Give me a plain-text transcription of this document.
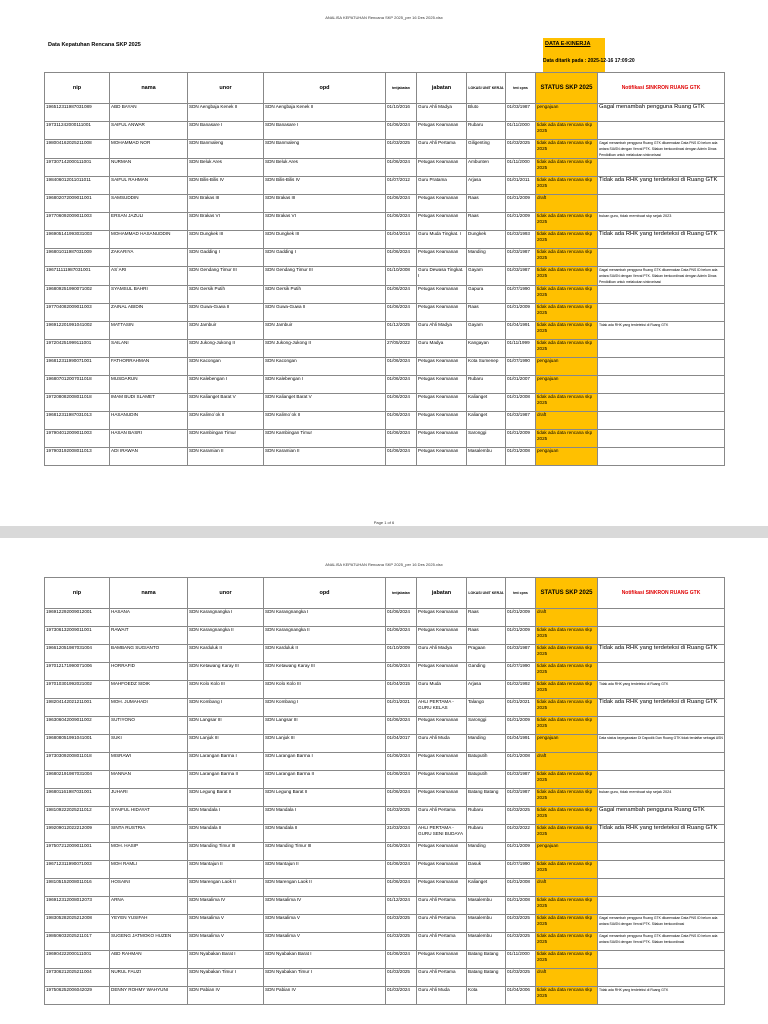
ANALISA KEPATUHAN Rencana SKP 2025_per 16 Des 2025.xlsx
Data Kepatuhan Rencana SKP 2025	DATA E-KINERJA
Data ditarik pada : 2025-12-16 17:09:20
nip	nama	unor	opd	tmtjabatan	jabatan	LOKASI UNIT KERJA	tmt cpns	STATUS SKP 2025	Notifikasi SINKRON RUANG GTK
196512311987031089	ABD BAYAN	SDN Aengbaja Kenek II	SDN Aengbaja Kenek II	01/10/2016	Guru Ahli Madya	Bluto	01/03/1987	pengajuan	Gagal menambah pengguna Ruang GTK
197311242000111001	SAIFUL ANWAR	SDN Banasare I	SDN Banasare I	01/06/2024	Petugas Keamanan	Rubaru	01/11/2000	tidak ada data rencana skp 2025	
198004162025211008	MOHAMMAD NOR	SDN Banmaleng	SDN Banmaleng	01/03/2025	Guru Ahli Pertama	Giligenting	01/03/2025	tidak ada data rencana skp 2025	Gagal menambah pengguna Ruang GTK dikarenakan Data PNS ID belum ada antara SIASN dengan Verval PTK. Silakan berkoordinasi dengan Admin Dinas Pendidikan untuk melakukan sinkronisasi
197307142000111001	NURMAN	SDN Beluk Ares	SDN Beluk Ares	01/06/2024	Petugas Keamanan	Ambunten	01/11/2000	tidak ada data rencana skp 2025	
198406012011011011	SAIFUL RAHMAN	SDN Bilis-Bilis IV	SDN Bilis-Bilis IV	01/07/2012	Guru Pratama	Arjasa	01/01/2011	tidak ada data rencana skp 2025	Tidak ada RHK yang terdeteksi di Ruang GTK
196802072009011001	SAMSUDDIN	SDN Brakas III	SDN Brakas III	01/06/2024	Petugas Keamanan	Raas	01/01/2009	draft	
197706092009011003	ERSAN JAZULI	SDN Brakas VI	SDN Brakas VI	01/06/2024	Petugas Keamanan	Raas	01/01/2009	tidak ada data rencana skp 2025	bukan guru, tidak membuat skp sejak 2023
196905141993031003	MOHAMMAD HASANUDDIN	SDN Dungkek III	SDN Dungkek III	01/04/2014	Guru Muda Tingkat. I	Dungkek	01/03/1993	tidak ada data rencana skp 2025	Tidak ada RHK yang terdeteksi di Ruang GTK
196801011987031009	ZAKARIYA	SDN Gadding I	SDN Gadding I	01/06/2024	Petugas Keamanan	Manding	01/03/1987	tidak ada data rencana skp 2025	
196711111987031001	AS`ARI	SDN Gendang Timur III	SDN Gendang Timur III	01/10/2008	Guru Dewasa Tingkat. I	Gayam	01/03/1987	tidak ada data rencana skp 2025	Gagal menambah pengguna Ruang GTK dikarenakan Data PNS ID belum ada antara SIASN dengan Verval PTK. Silakan berkoordinasi dengan Admin Dinas Pendidikan untuk melakukan sinkronisasi
196809251990071002	SYAMSUL BAHRI	SDN Gersik Putih	SDN Gersik Putih	01/06/2024	Petugas Keamanan	Gapura	01/07/1990	tidak ada data rencana skp 2025	
197704082009011003	ZAINAL ABIDIN	SDN Guwa-Guwa II	SDN Guwa-Guwa II	01/06/2024	Petugas Keamanan	Raas	01/01/2009	tidak ada data rencana skp 2025	
196912201991041002	MATTASIN	SDN Jambuir	SDN Jambuir	01/12/2025	Guru Ahli Madya	Gayam	01/04/1991	tidak ada data rencana skp 2025	Tidak ada RHK yang terdeteksi di Ruang GTK
197204251999111001	SAILANI	SDN Jukong-Jukong II	SDN Jukong-Jukong II	27/05/2022	Guru Madya	Kangayan	01/11/1999	tidak ada data rencana skp 2025	
196812311990071001	FATHORRAHMAN	SDN Kacongan	SDN Kacongan	01/06/2024	Petugas Keamanan	Kota Sumenep	01/07/1990	pengajuan	
196807012007011018	MUSDARUN	SDN Kalebengan I	SDN Kalebengan I	01/06/2024	Petugas Keamanan	Rubaru	01/01/2007	pengajuan	
197208082008011018	IMAM BUDI SLAMET	SDN Kalianget Barat V	SDN Kalianget Barat V	01/06/2024	Petugas Keamanan	Kalianget	01/01/2008	tidak ada data rencana skp 2025	
196812311987031013	HASANUDIN	SDN Kalimo`ok II	SDN Kalimo`ok II	01/06/2024	Petugas Keamanan	Kalianget	01/03/1987	draft	
197904012009011003	HASAN BASRI	SDN Kambingan Timur	SDN Kambingan Timur	01/06/2024	Petugas Keamanan	Saronggi	01/01/2009	tidak ada data rencana skp 2025	
197903192008011013	ADI IRAWAN	SDN Karamian II	SDN Karamian II	01/06/2024	Petugas Keamanan	Masalembu	01/01/2008	pengajuan	
Page 1 of 6
ANALISA KEPATUHAN Rencana SKP 2025_per 16 Des 2025.xlsx
nip	nama	unor	opd	tmtjabatan	jabatan	LOKASI UNIT KERJA	tmt cpns	STATUS SKP 2025	Notifikasi SINKRON RUANG GTK
196912292009012001	HASANA	SDN Karangnangka I	SDN Karangnangka I	01/06/2024	Petugas Keamanan	Raas	01/01/2009	draft	
197306132009011001	RAWAIT	SDN Karangnangka II	SDN Karangnangka II	01/06/2024	Petugas Keamanan	Raas	01/01/2009	tidak ada data rencana skp 2025	
196612051987031004	BAMBANG SUGIANTO	SDN Karduluk II	SDN Karduluk II	01/10/2009	Guru Ahli Madya	Pragaan	01/03/1987	tidak ada data rencana skp 2025	Tidak ada RHK yang terdeteksi di Ruang GTK
197012171990071006	HORRAFID	SDN Ketawang Karay III	SDN Ketawang Karay III	01/06/2024	Petugas Keamanan	Ganding	01/07/1990	tidak ada data rencana skp 2025	
197010301992021002	MAHFOEDZ SIDIK	SDN Kolo Kolo III	SDN Kolo Kolo III	01/04/2015	Guru Muda	Arjasa	01/02/1992	tidak ada data rencana skp 2025	Tidak ada RHK yang terdeteksi di Ruang GTK
198204142021211001	MOH. JUMAHADI	SDN Kombang I	SDN Kombang I	01/01/2021	AHLI PERTAMA - GURU KELAS	Talango	01/01/2021	tidak ada data rencana skp 2025	Tidak ada RHK yang terdeteksi di Ruang GTK
196306042009011002	SUTIYONO	SDN Langsar III	SDN Langsar III	01/06/2024	Petugas Keamanan	Saronggi	01/01/2009	tidak ada data rencana skp 2025	
196808051991041001	SUKI	SDN Lanjuk III	SDN Lanjuk III	01/04/2017	Guru Ahli Muda	Manding	01/04/1991	pengajuan	Data status kepegawaian Di Dapodik Dan Ruang GTK tidak terdaftar sebagai ASN
197303092008011018	MISRAWI	SDN Larangan Barma I	SDN Larangan Barma I	01/06/2024	Petugas Keamanan	Batuputih	01/01/2008	draft	
196802191987031004	MANNAN	SDN Larangan Barma II	SDN Larangan Barma II	01/06/2024	Petugas Keamanan	Batuputih	01/03/1987	tidak ada data rencana skp 2025	
196801161987031001	JUHARI	SDN Legung Barat II	SDN Legung Barat II	01/06/2024	Petugas Keamanan	Batang Batang	01/03/1987	tidak ada data rencana skp 2025	bukan guru, tidak membuat skp sejak 2024
198109222025211012	SYAIFUL HIDAYAT	SDN Mandala I	SDN Mandala I	01/03/2025	Guru Ahli Pertama	Rubaru	01/03/2025	tidak ada data rencana skp 2025	Gagal menambah pengguna Ruang GTK
199209012022212009	SINTA RUSTRIA	SDN Mandala II	SDN Mandala II	21/03/2024	AHLI PERTAMA - GURU SENI BUDAYA	Rubaru	01/02/2022	tidak ada data rencana skp 2025	Tidak ada RHK yang terdeteksi di Ruang GTK
197507212009011001	MOH. HASIP	SDN Manding Timur III	SDN Manding Timur III	01/06/2024	Petugas Keamanan	Manding	01/01/2009	pengajuan	
196712311990071003	MOH RAMLI	SDN Mantajun II	SDN Mantajun II	01/06/2024	Petugas Keamanan	Dasuk	01/07/1990	tidak ada data rencana skp 2025	
198105152008011016	HOSAINI	SDN Marengan Laok II	SDN Marengan Laok II	01/06/2024	Petugas Keamanan	Kalianget	01/01/2008	draft	
196912312008012073	ARNA	SDN Masalima IV	SDN Masalima IV	01/12/2024	Guru Ahli Pertama	Masalembu	01/01/2008	tidak ada data rencana skp 2025	
198305282025212008	YEYEN YUSIFAH	SDN Masalima V	SDN Masalima V	01/03/2025	Guru Ahli Pertama	Masalembu	01/03/2025	tidak ada data rencana skp 2025	Gagal menambah pengguna Ruang GTK dikarenakan Data PNS ID belum ada antara SIASN dengan Verval PTK. Silakan berkoordinasi
198606032025211017	SUGENG JATMOKO HUZEN	SDN Masalima V	SDN Masalima V	01/03/2025	Guru Ahli Pertama	Masalembu	01/03/2025	tidak ada data rencana skp 2025	Gagal menambah pengguna Ruang GTK dikarenakan Data PNS ID belum ada antara SIASN dengan Verval PTK. Silakan berkoordinasi
196904222000111001	ABD RAHMAN	SDN Nyabakan Barat I	SDN Nyabakan Barat I	01/06/2024	Petugas Keamanan	Batang Batang	01/11/2000	tidak ada data rencana skp 2025	
197306212025211004	NURUL FAUZI	SDN Nyabakan Timur I	SDN Nyabakan Timur I	01/03/2025	Guru Ahli Pertama	Batang Batang	01/03/2025	draft	
197506252006042029	DENNY ROHMY WAHYUNI	SDN Pabian IV	SDN Pabian IV	01/03/2024	Guru Ahli Muda	Kota	01/04/2006	tidak ada data rencana skp 2025	Tidak ada RHK yang terdeteksi di Ruang GTK
